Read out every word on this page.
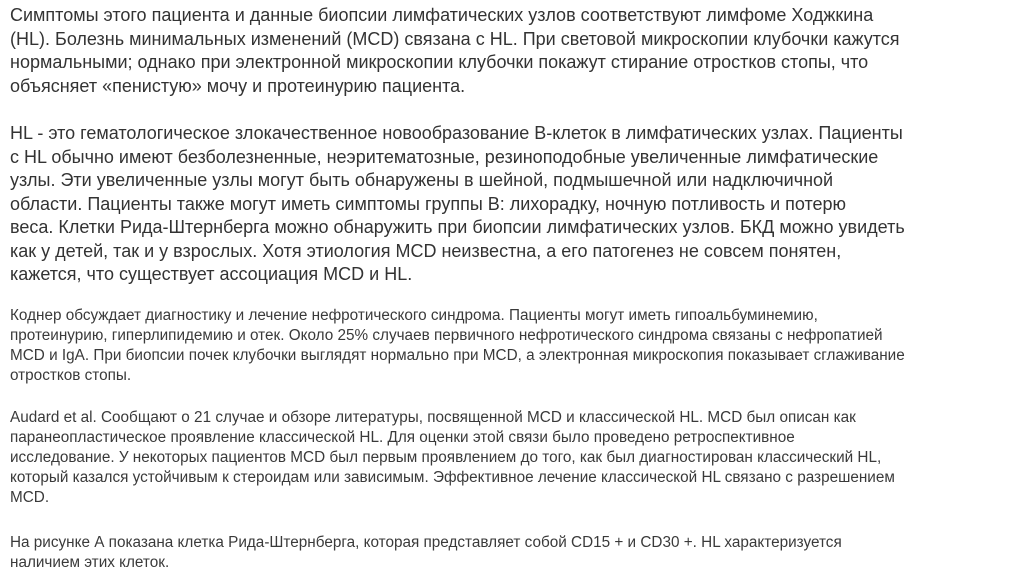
Симптомы этого пациента и данные биопсии лимфатических узлов соответствуют лимфоме Ходжкина
(HL). Болезнь минимальных изменений (MCD) связана с HL. При световой микроскопии клубочки кажутся
нормальными; однако при электронной микроскопии клубочки покажут стирание отростков стопы, что
объясняет «пенистую» мочу и протеинурию пациента.

HL - это гематологическое злокачественное новообразование В-клеток в лимфатических узлах. Пациенты
с HL обычно имеют безболезненные, неэритематозные, резиноподобные увеличенные лимфатические
узлы. Эти увеличенные узлы могут быть обнаружены в шейной, подмышечной или надключичной
области. Пациенты также могут иметь симптомы группы В: лихорадку, ночную потливость и потерю
веса. Клетки Рида-Штернберга можно обнаружить при биопсии лимфатических узлов. БКД можно увидеть
как у детей, так и у взрослых. Хотя этиология MCD неизвестна, а его патогенез не совсем понятен,
кажется, что существует ассоциация MCD и HL.

Коднер обсуждает диагностику и лечение нефротического синдрома. Пациенты могут иметь гипоальбуминемию,
протеинурию, гиперлипидемию и отек. Около 25% случаев первичного нефротического синдрома связаны с нефропатией
MCD и IgA. При биопсии почек клубочки выглядят нормально при MCD, а электронная микроскопия показывает сглаживание
отростков стопы.

Audard et al. Сообщают о 21 случае и обзоре литературы, посвященной MCD и классической HL. MCD был описан как
паранеопластическое проявление классической HL. Для оценки этой связи было проведено ретроспективное
исследование. У некоторых пациентов MCD был первым проявлением до того, как был диагностирован классический HL,
который казался устойчивым к стероидам или зависимым. Эффективное лечение классической HL связано с разрешением
MCD.

На рисунке А показана клетка Рида-Штернберга, которая представляет собой CD15 + и CD30 +. HL характеризуется
наличием этих клеток.
